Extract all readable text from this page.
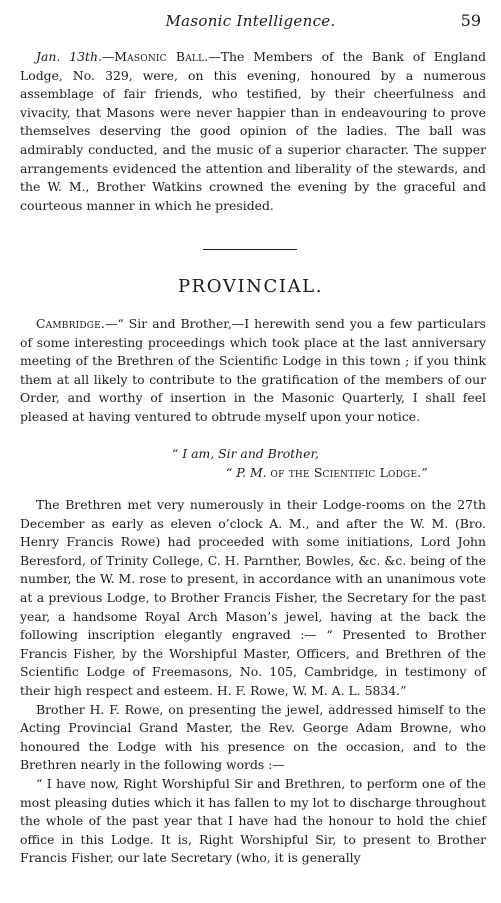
Masonic Intelligence.	59

Jan. 13th.—Masonic Ball.—The Members of the Bank of England Lodge, No. 329, were, on this evening, honoured by a numerous assemblage of fair friends, who testified, by their cheerfulness and vivacity, that Masons were never happier than in endeavouring to prove themselves deserving the good opinion of the ladies. The ball was admirably conducted, and the music of a superior character. The supper arrangements evidenced the attention and liberality of the stewards, and the W. M., Brother Watkins crowned the evening by the graceful and courteous manner in which he presided.

PROVINCIAL.

Cambridge.—“ Sir and Brother,—I herewith send you a few particulars of some interesting proceedings which took place at the last anniversary meeting of the Brethren of the Scientific Lodge in this town ; if you think them at all likely to contribute to the gratification of the members of our Order, and worthy of insertion in the Masonic Quarterly, I shall feel pleased at having ventured to obtrude myself upon your notice.

“ I am, Sir and Brother,
“ P. M. of the Scientific Lodge.”

The Brethren met very numerously in their Lodge-rooms on the 27th December as early as eleven o’clock A. M., and after the W. M. (Bro. Henry Francis Rowe) had proceeded with some initiations, Lord John Beresford, of Trinity College, C. H. Parnther, Bowles, &c. &c. being of the number, the W. M. rose to present, in accordance with an unanimous vote at a previous Lodge, to Brother Francis Fisher, the Secretary for the past year, a handsome Royal Arch Mason’s jewel, having at the back the following inscription elegantly engraved :— “ Presented to Brother Francis Fisher, by the Worshipful Master, Officers, and Brethren of the Scientific Lodge of Freemasons, No. 105, Cambridge, in testimony of their high respect and esteem. H. F. Rowe, W. M. A. L. 5834.”

Brother H. F. Rowe, on presenting the jewel, addressed himself to the Acting Provincial Grand Master, the Rev. George Adam Browne, who honoured the Lodge with his presence on the occasion, and to the Brethren nearly in the following words :—

“ I have now, Right Worshipful Sir and Brethren, to perform one of the most pleasing duties which it has fallen to my lot to discharge throughout the whole of the past year that I have had the honour to hold the chief office in this Lodge. It is, Right Worshipful Sir, to present to Brother Francis Fisher, our late Secretary (who, it is generally
